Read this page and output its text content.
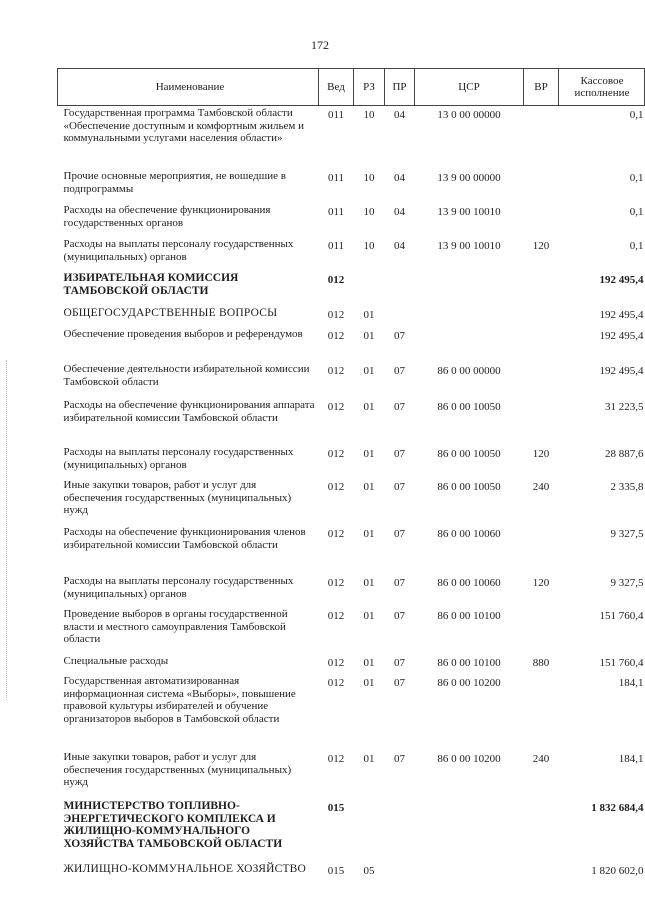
172
Наименование	Вед	РЗ	ПР	ЦСР	ВР	Кассовое исполнение
Государственная программа Тамбовской области «Обеспечение доступным и комфортным жильем и коммунальными услугами населения области»	011	10	04	13 0 00 00000		0,1
Прочие основные мероприятия, не вошедшие в подпрограммы	011	10	04	13 9 00 00000		0,1
Расходы на обеспечение функционирования государственных органов	011	10	04	13 9 00 10010		0,1
Расходы на выплаты персоналу государственных (муниципальных) органов	011	10	04	13 9 00 10010	120	0,1
ИЗБИРАТЕЛЬНАЯ КОМИССИЯ ТАМБОВСКОЙ ОБЛАСТИ	012					192 495,4
ОБЩЕГОСУДАРСТВЕННЫЕ ВОПРОСЫ	012	01				192 495,4
Обеспечение проведения выборов и референдумов	012	01	07			192 495,4
Обеспечение деятельности избирательной комиссии Тамбовской области	012	01	07	86 0 00 00000		192 495,4
Расходы на обеспечение функционирования аппарата избирательной комиссии Тамбовской области	012	01	07	86 0 00 10050		31 223,5
Расходы на выплаты персоналу государственных (муниципальных) органов	012	01	07	86 0 00 10050	120	28 887,6
Иные закупки товаров, работ и услуг для обеспечения государственных (муниципальных) нужд	012	01	07	86 0 00 10050	240	2 335,8
Расходы на обеспечение функционирования членов избирательной комиссии Тамбовской области	012	01	07	86 0 00 10060		9 327,5
Расходы на выплаты персоналу государственных (муниципальных) органов	012	01	07	86 0 00 10060	120	9 327,5
Проведение выборов в органы государственной власти и местного самоуправления Тамбовской области	012	01	07	86 0 00 10100		151 760,4
Специальные расходы	012	01	07	86 0 00 10100	880	151 760,4
Государственная автоматизированная информационная система «Выборы», повышение правовой культуры избирателей и обучение организаторов выборов в Тамбовской области	012	01	07	86 0 00 10200		184,1
Иные закупки товаров, работ и услуг для обеспечения государственных (муниципальных) нужд	012	01	07	86 0 00 10200	240	184,1
МИНИСТЕРСТВО ТОПЛИВНО-ЭНЕРГЕТИЧЕСКОГО КОМПЛЕКСА И ЖИЛИЩНО-КОММУНАЛЬНОГО ХОЗЯЙСТВА ТАМБОВСКОЙ ОБЛАСТИ	015					1 832 684,4
ЖИЛИЩНО-КОММУНАЛЬНОЕ ХОЗЯЙСТВО	015	05				1 820 602,0
